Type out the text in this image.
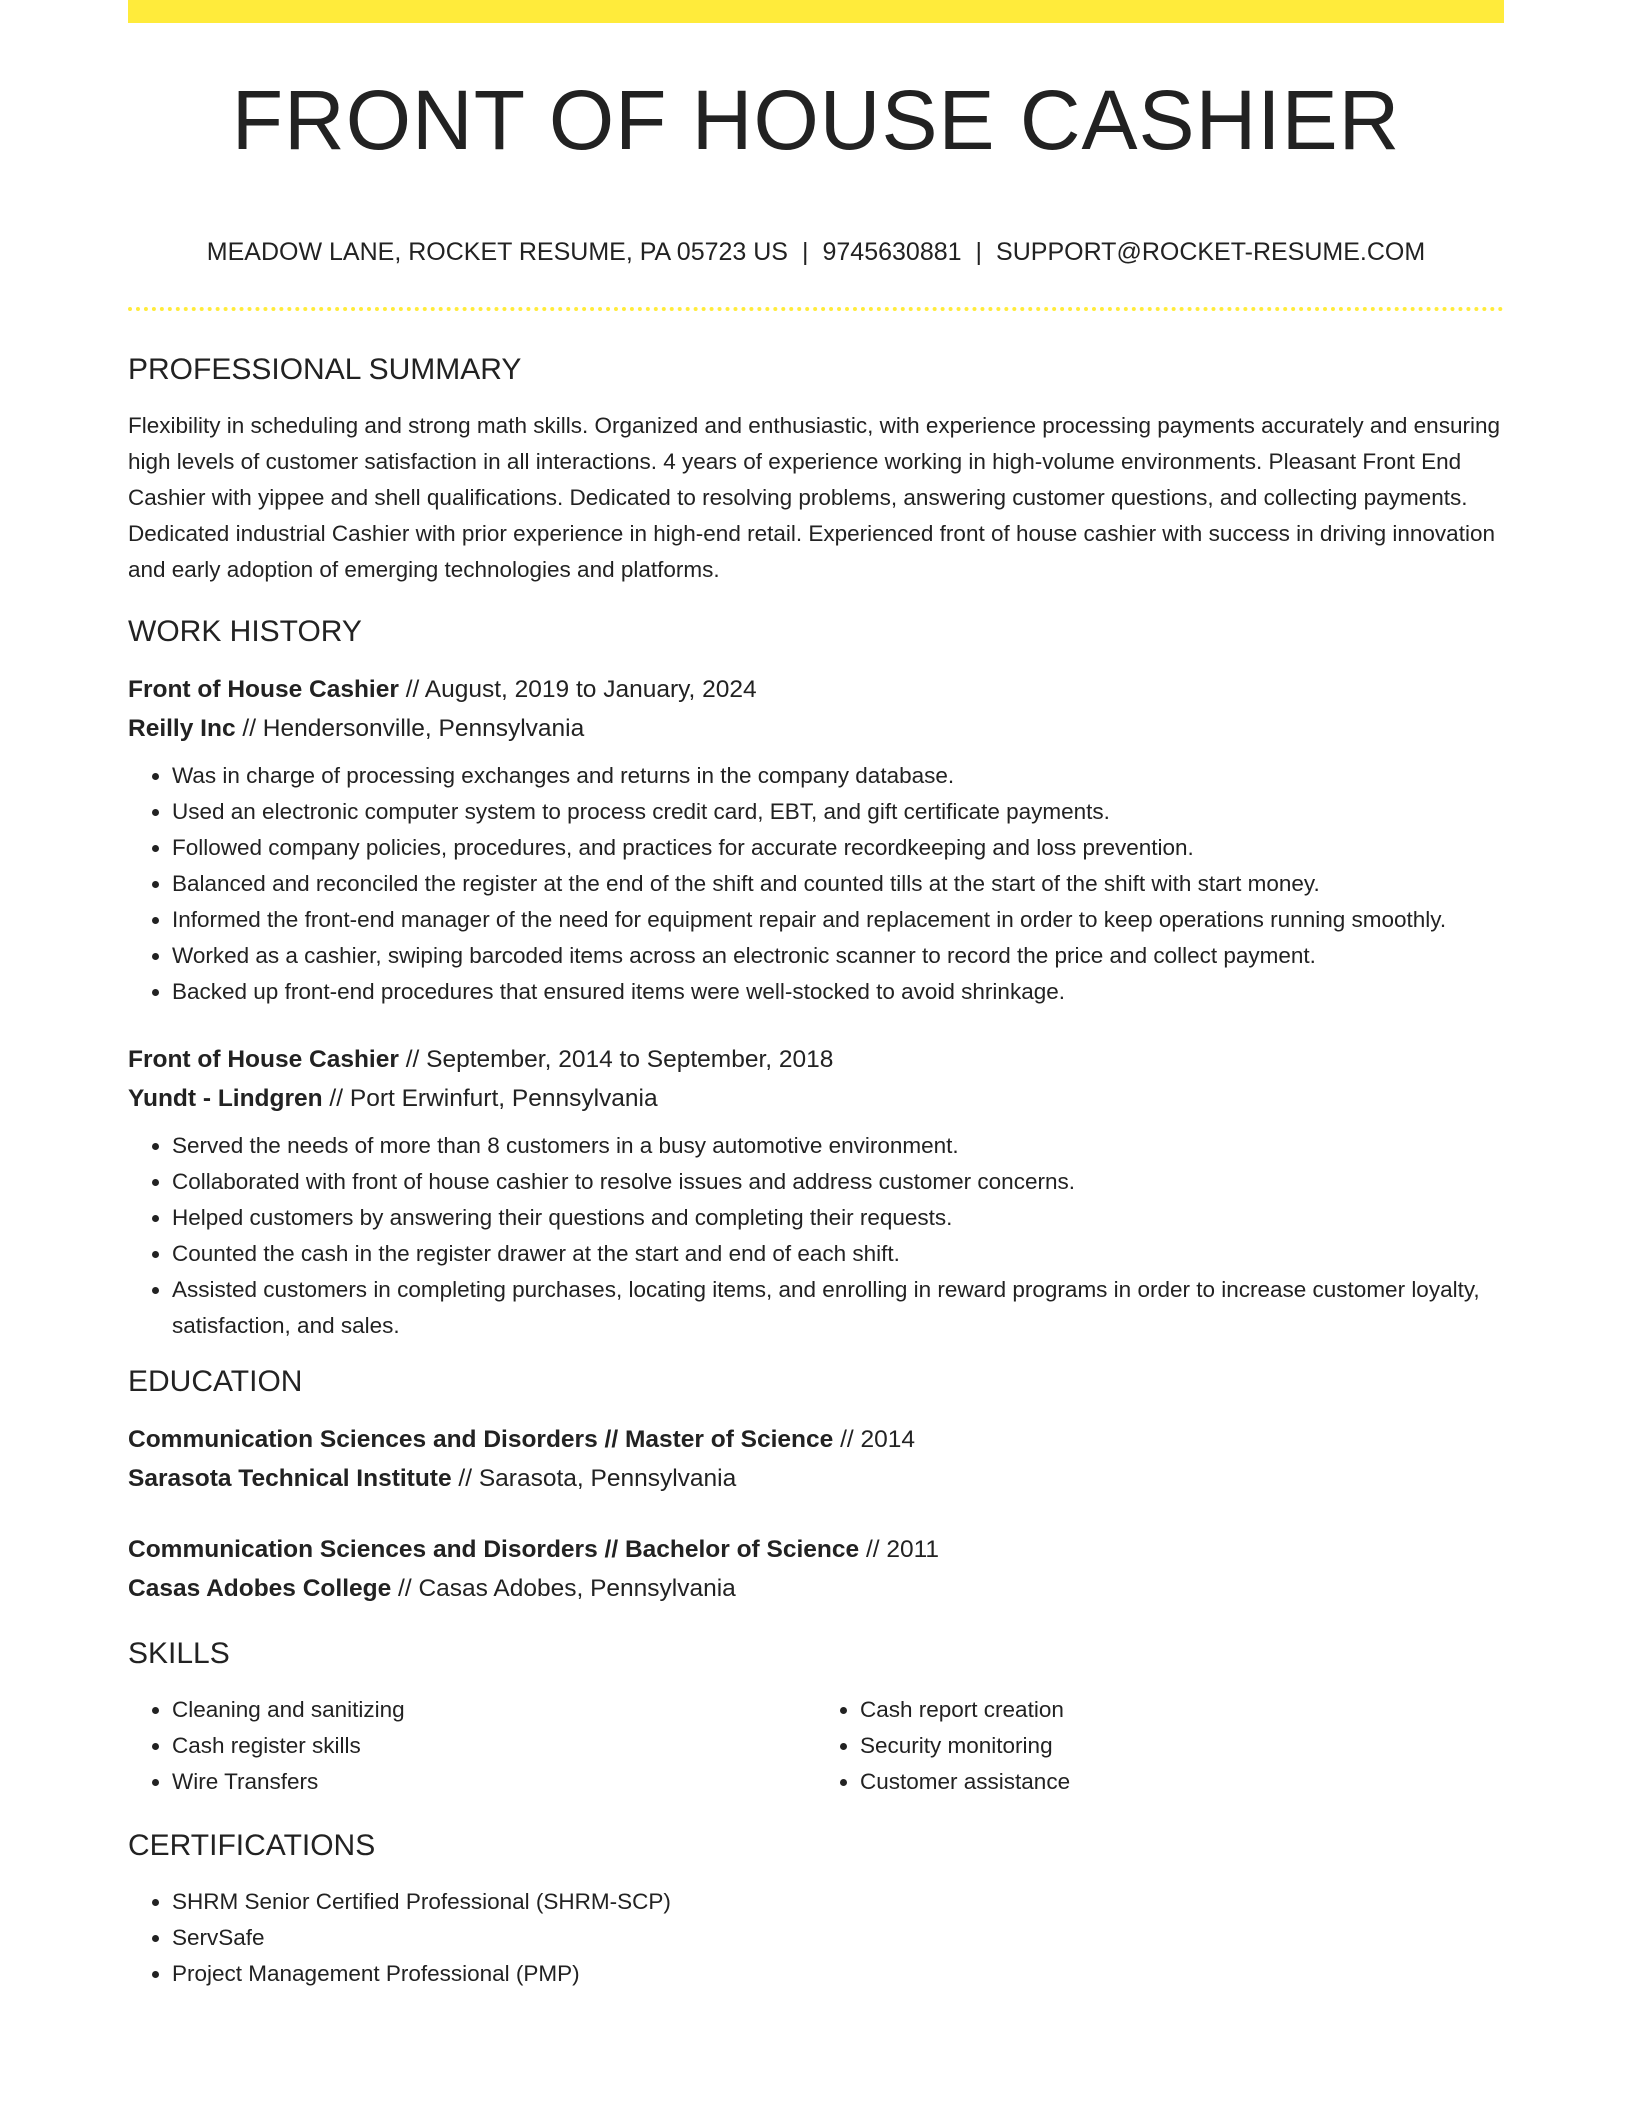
FRONT OF HOUSE CASHIER
MEADOW LANE, ROCKET RESUME, PA 05723 US | 9745630881 | SUPPORT@ROCKET-RESUME.COM
PROFESSIONAL SUMMARY

Flexibility in scheduling and strong math skills. Organized and enthusiastic, with experience processing payments accurately and ensuring high levels of customer satisfaction in all interactions. 4 years of experience working in high-volume environments. Pleasant Front End Cashier with yippee and shell qualifications. Dedicated to resolving problems, answering customer questions, and collecting payments. Dedicated industrial Cashier with prior experience in high-end retail. Experienced front of house cashier with success in driving innovation and early adoption of emerging technologies and platforms.

WORK HISTORY
Front of House Cashier // August, 2019 to January, 2024
Reilly Inc // Hendersonville, Pennsylvania
• Was in charge of processing exchanges and returns in the company database.
• Used an electronic computer system to process credit card, EBT, and gift certificate payments.
• Followed company policies, procedures, and practices for accurate recordkeeping and loss prevention.
• Balanced and reconciled the register at the end of the shift and counted tills at the start of the shift with start money.
• Informed the front-end manager of the need for equipment repair and replacement in order to keep operations running smoothly.
• Worked as a cashier, swiping barcoded items across an electronic scanner to record the price and collect payment.
• Backed up front-end procedures that ensured items were well-stocked to avoid shrinkage.
Front of House Cashier // September, 2014 to September, 2018
Yundt - Lindgren // Port Erwinfurt, Pennsylvania
• Served the needs of more than 8 customers in a busy automotive environment.
• Collaborated with front of house cashier to resolve issues and address customer concerns.
• Helped customers by answering their questions and completing their requests.
• Counted the cash in the register drawer at the start and end of each shift.
• Assisted customers in completing purchases, locating items, and enrolling in reward programs in order to increase customer loyalty, satisfaction, and sales.
EDUCATION
Communication Sciences and Disorders // Master of Science // 2014
Sarasota Technical Institute // Sarasota, Pennsylvania
Communication Sciences and Disorders // Bachelor of Science // 2011
Casas Adobes College // Casas Adobes, Pennsylvania
SKILLS
• Cleaning and sanitizing
• Cash register skills
• Wire Transfers
• Cash report creation
• Security monitoring
• Customer assistance
CERTIFICATIONS
• SHRM Senior Certified Professional (SHRM-SCP)
• ServSafe
• Project Management Professional (PMP)
